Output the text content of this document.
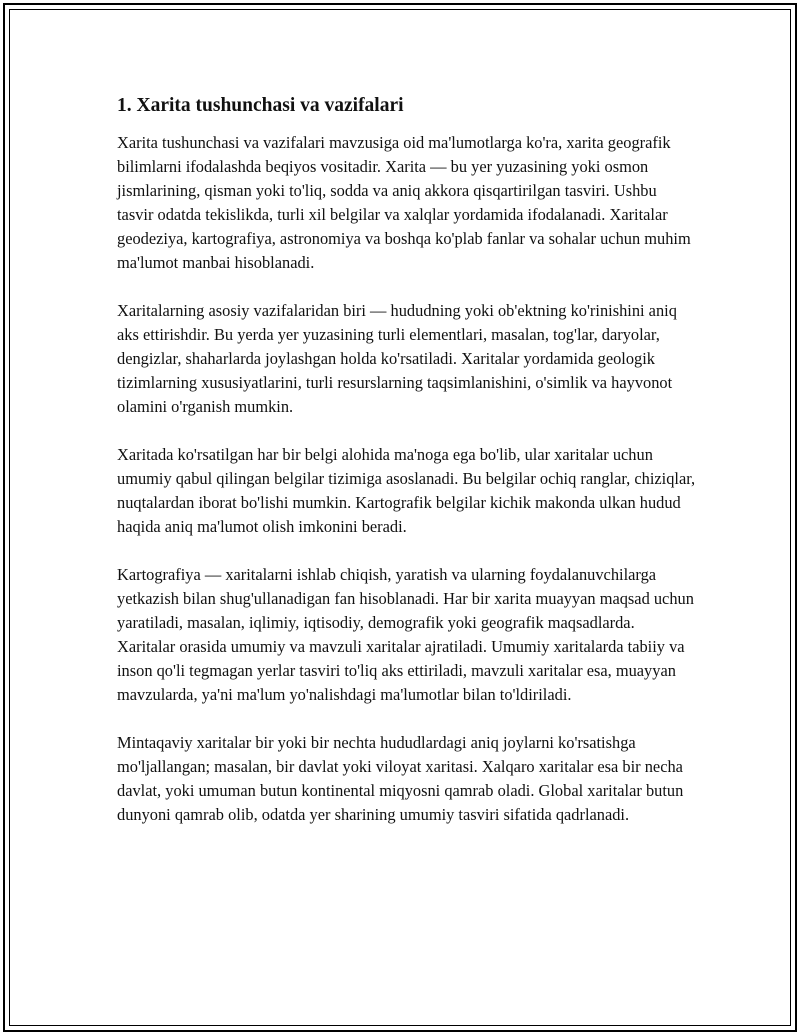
1. Xarita tushunchasi va vazifalari

Xarita tushunchasi va vazifalari mavzusiga oid ma'lumotlarga ko'ra, xarita geografik bilimlarni ifodalashda beqiyos vositadir. Xarita — bu yer yuzasining yoki osmon jismlarining, qisman yoki to'liq, sodda va aniq akkora qisqartirilgan tasviri. Ushbu tasvir odatda tekislikda, turli xil belgilar va xalqlar yordamida ifodalanadi. Xaritalar geodeziya, kartografiya, astronomiya va boshqa ko'plab fanlar va sohalar uchun muhim ma'lumot manbai hisoblanadi.

Xaritalarning asosiy vazifalaridan biri — hududning yoki ob'ektning ko'rinishini aniq aks ettirishdir. Bu yerda yer yuzasining turli elementlari, masalan, tog'lar, daryolar, dengizlar, shaharlarda joylashgan holda ko'rsatiladi. Xaritalar yordamida geologik tizimlarning xususiyatlarini, turli resurslarning taqsimlanishini, o'simlik va hayvonot olamini o'rganish mumkin.

Xaritada ko'rsatilgan har bir belgi alohida ma'noga ega bo'lib, ular xaritalar uchun umumiy qabul qilingan belgilar tizimiga asoslanadi. Bu belgilar ochiq ranglar, chiziqlar, nuqtalardan iborat bo'lishi mumkin. Kartografik belgilar kichik makonda ulkan hudud haqida aniq ma'lumot olish imkonini beradi.

Kartografiya — xaritalarni ishlab chiqish, yaratish va ularning foydalanuvchilarga yetkazish bilan shug'ullanadigan fan hisoblanadi. Har bir xarita muayyan maqsad uchun yaratiladi, masalan, iqlimiy, iqtisodiy, demografik yoki geografik maqsadlarda. Xaritalar orasida umumiy va mavzuli xaritalar ajratiladi. Umumiy xaritalarda tabiiy va inson qo'li tegmagan yerlar tasviri to'liq aks ettiriladi, mavzuli xaritalar esa, muayyan mavzularda, ya'ni ma'lum yo'nalishdagi ma'lumotlar bilan to'ldiriladi.

Mintaqaviy xaritalar bir yoki bir nechta hududlardagi aniq joylarni ko'rsatishga mo'ljallangan; masalan, bir davlat yoki viloyat xaritasi. Xalqaro xaritalar esa bir necha davlat, yoki umuman butun kontinental miqyosni qamrab oladi. Global xaritalar butun dunyoni qamrab olib, odatda yer sharining umumiy tasviri sifatida qadrlanadi.
